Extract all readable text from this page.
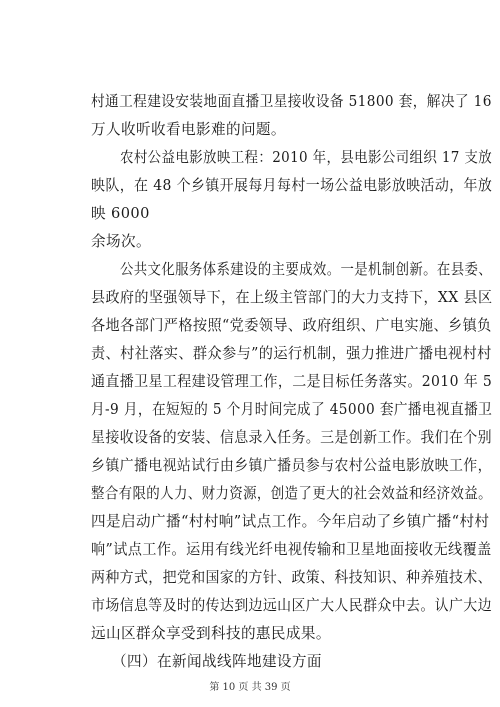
村通工程建设安装地面直播卫星接收设备 51800 套，解决了 16
万人收听收看电影难的问题。
农村公益电影放映工程：2010 年，县电影公司组织 17 支放
映队，在 48 个乡镇开展每月每村一场公益电影放映活动，年放
映 6000
余场次。
公共文化服务体系建设的主要成效。一是机制创新。在县委、
县政府的坚强领导下，在上级主管部门的大力支持下，XX 县区
各地各部门严格按照“党委领导、政府组织、广电实施、乡镇负
责、村社落实、群众参与”的运行机制，强力推进广播电视村村
通直播卫星工程建设管理工作，二是目标任务落实。2010 年 5
月-9 月，在短短的 5 个月时间完成了 45000 套广播电视直播卫
星接收设备的安装、信息录入任务。三是创新工作。我们在个别
乡镇广播电视站试行由乡镇广播员参与农村公益电影放映工作，
整合有限的人力、财力资源，创造了更大的社会效益和经济效益。
四是启动广播“村村响”试点工作。今年启动了乡镇广播“村村
响”试点工作。运用有线光纤电视传输和卫星地面接收无线覆盖
两种方式，把党和国家的方针、政策、科技知识、种养殖技术、
市场信息等及时的传达到边远山区广大人民群众中去。认广大边
远山区群众享受到科技的惠民成果。
（四）在新闻战线阵地建设方面
第 10 页 共 39 页
